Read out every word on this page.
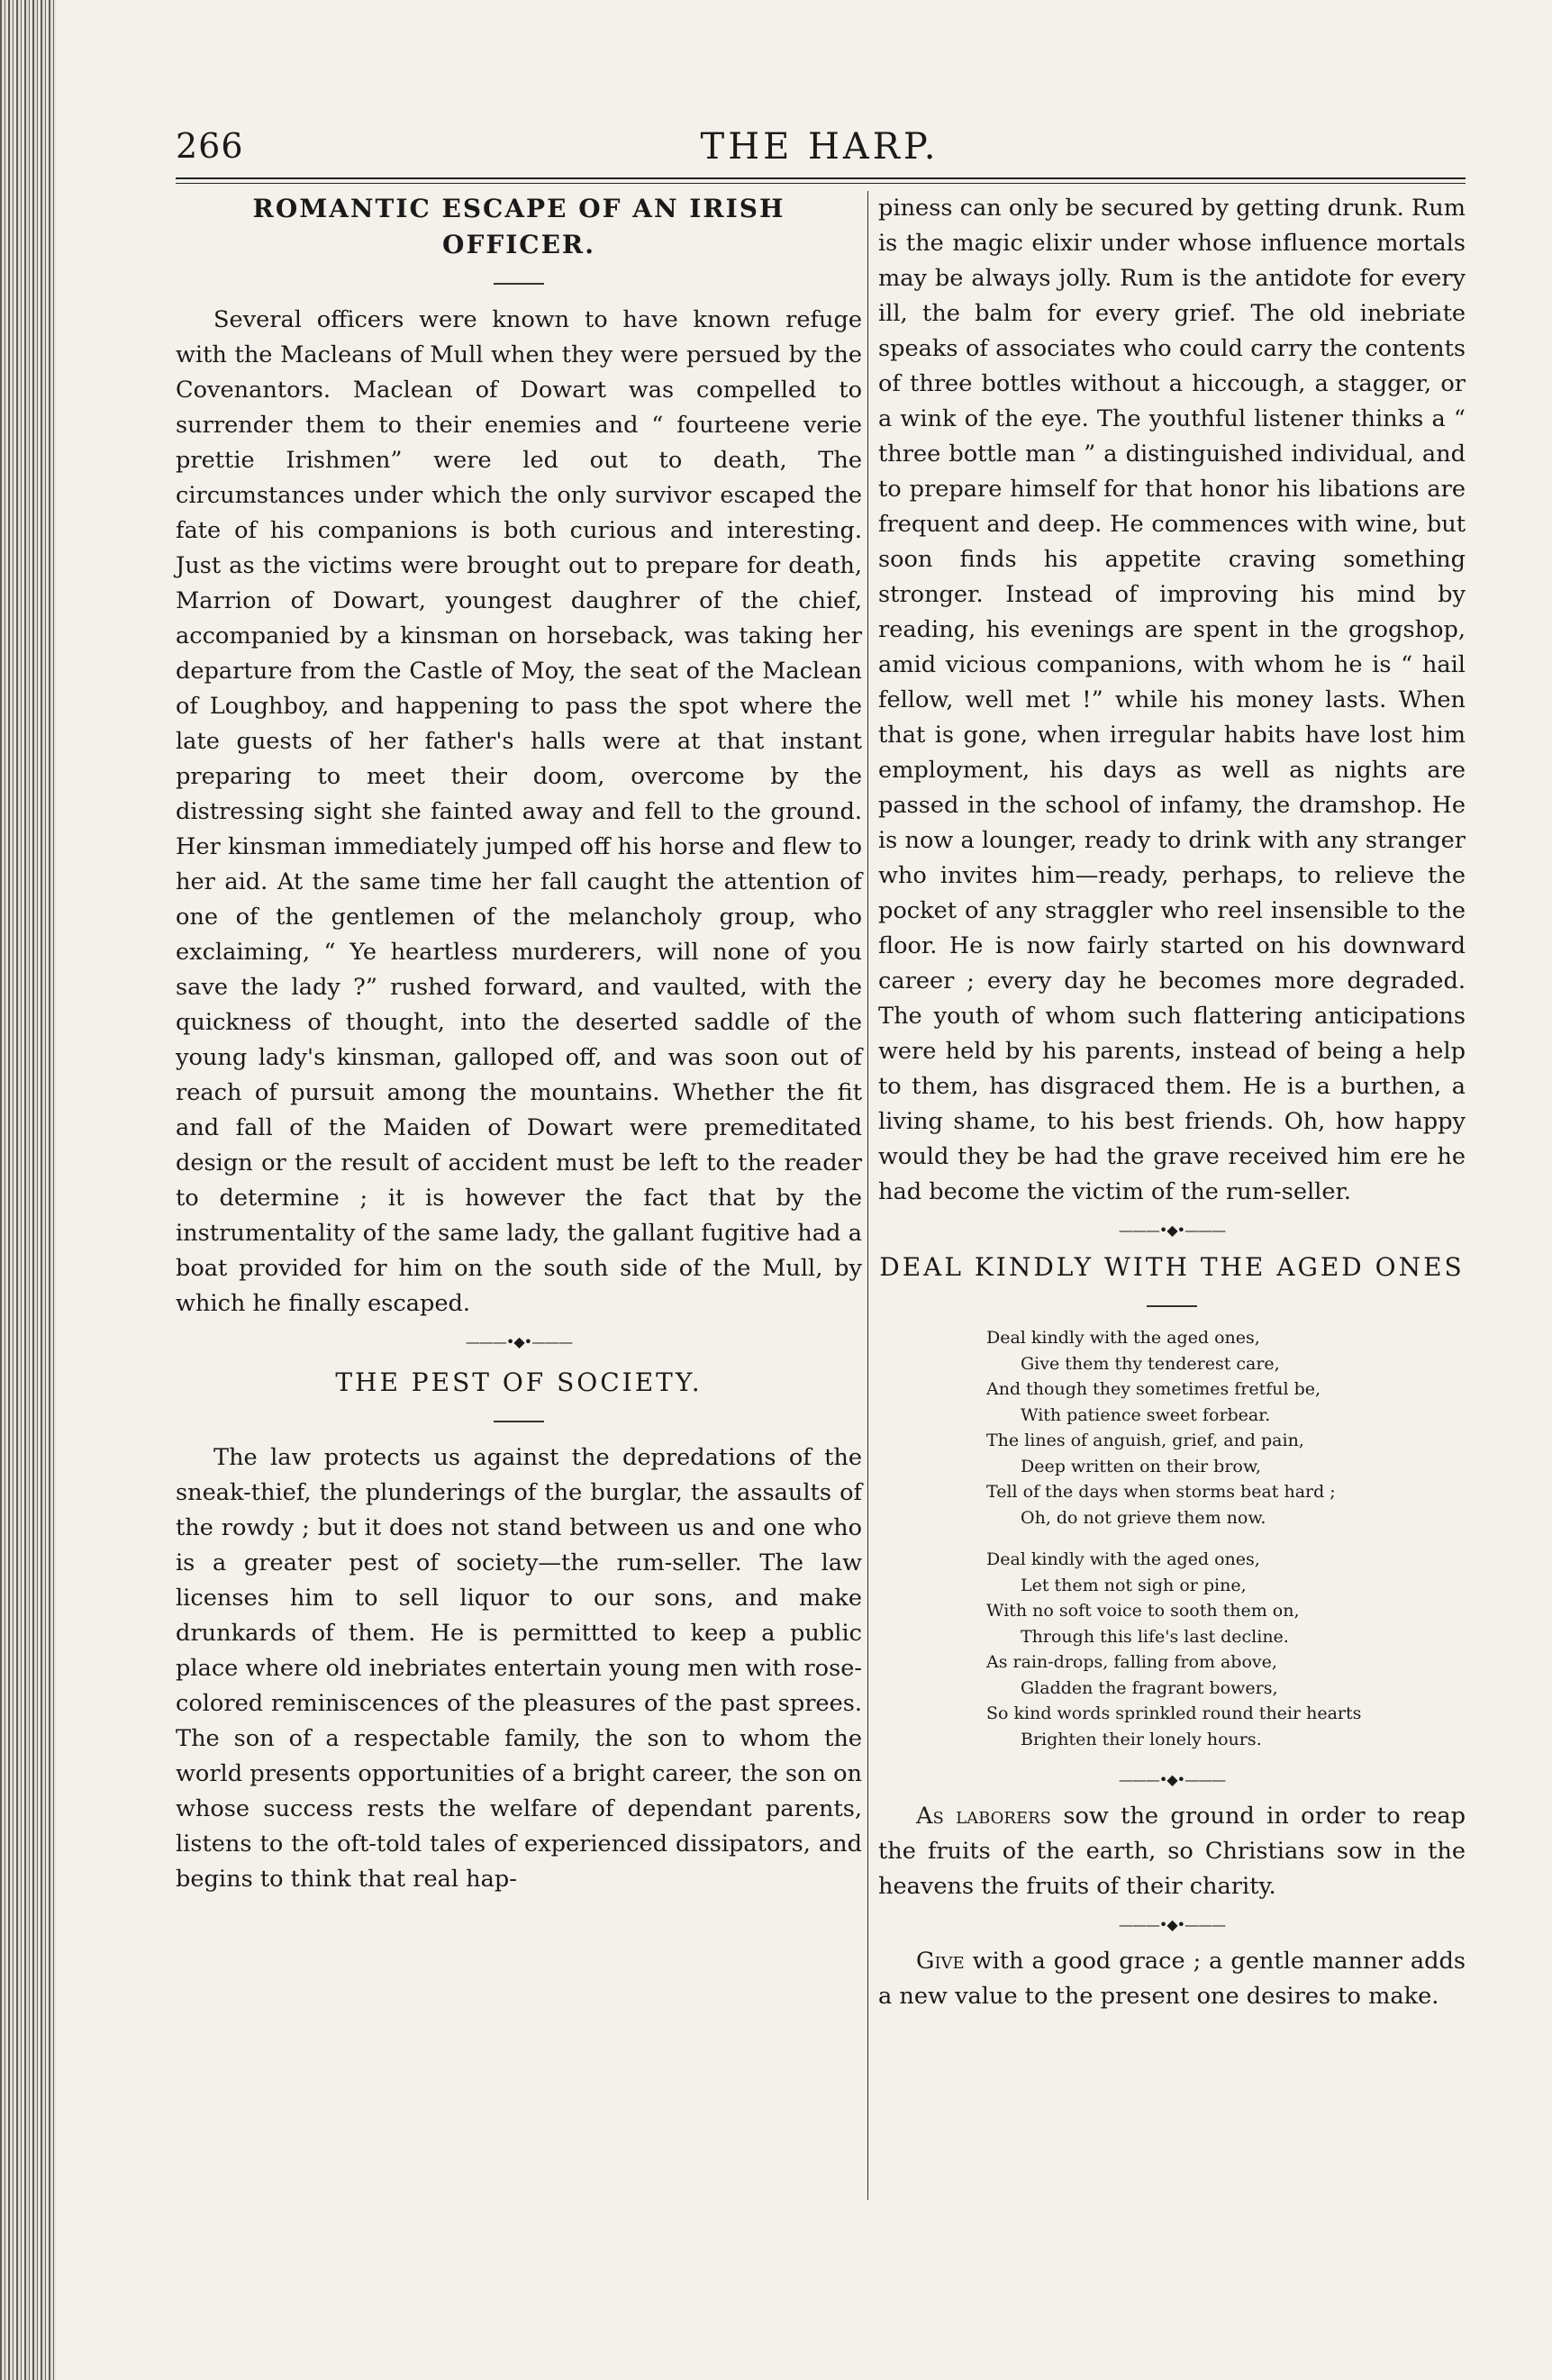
266	THE HARP.
ROMANTIC ESCAPE OF AN IRISH OFFICER.

Several officers were known to have known refuge with the Macleans of Mull when they were persued by the Covenantors. Maclean of Dowart was compelled to surrender them to their enemies and “ fourteene verie prettie Irishmen” were led out to death, The circumstances under which the only survivor escaped the fate of his companions is both curious and interesting. Just as the victims were brought out to prepare for death, Marrion of Dowart, youngest daughrer of the chief, accompanied by a kinsman on horseback, was taking her departure from the Castle of Moy, the seat of the Maclean of Loughboy, and happening to pass the spot where the late guests of her father's halls were at that instant preparing to meet their doom, overcome by the distressing sight she fainted away and fell to the ground. Her kinsman immediately jumped off his horse and flew to her aid. At the same time her fall caught the attention of one of the gentlemen of the melancholy group, who exclaiming, “ Ye heartless murderers, will none of you save the lady ?” rushed forward, and vaulted, with the quickness of thought, into the deserted saddle of the young lady's kinsman, galloped off, and was soon out of reach of pursuit among the mountains. Whether the fit and fall of the Maiden of Dowart were premeditated design or the result of accident must be left to the reader to determine ; it is however the fact that by the instrumentality of the same lady, the gallant fugitive had a boat provided for him on the south side of the Mull, by which he finally escaped.

———•◆•———
THE PEST OF SOCIETY.

The law protects us against the depredations of the sneak-thief, the plunderings of the burglar, the assaults of the rowdy ; but it does not stand between us and one who is a greater pest of society—the rum-seller. The law licenses him to sell liquor to our sons, and make drunkards of them. He is permittted to keep a public place where old inebriates entertain young men with rose-colored reminiscences of the pleasures of the past sprees. The son of a respectable family, the son to whom the world presents opportunities of a bright career, the son on whose success rests the welfare of dependant parents, listens to the oft-told tales of experienced dissipators, and begins to think that real hap-

piness can only be secured by getting drunk. Rum is the magic elixir under whose influence mortals may be always jolly. Rum is the antidote for every ill, the balm for every grief. The old inebriate speaks of associates who could carry the contents of three bottles without a hiccough, a stagger, or a wink of the eye. The youthful listener thinks a “ three bottle man ” a distinguished individual, and to prepare himself for that honor his libations are frequent and deep. He commences with wine, but soon finds his appetite craving something stronger. Instead of improving his mind by reading, his evenings are spent in the grogshop, amid vicious companions, with whom he is “ hail fellow, well met !” while his money lasts. When that is gone, when irregular habits have lost him employment, his days as well as nights are passed in the school of infamy, the dramshop. He is now a lounger, ready to drink with any stranger who invites him—ready, perhaps, to relieve the pocket of any straggler who reel insensible to the floor. He is now fairly started on his downward career ; every day he becomes more degraded. The youth of whom such flattering anticipations were held by his parents, instead of being a help to them, has disgraced them. He is a burthen, a living shame, to his best friends. Oh, how happy would they be had the grave received him ere he had become the victim of the rum-seller.

———•◆•———
DEAL KINDLY WITH THE AGED ONES
Deal kindly with the aged ones,
Give them thy tenderest care,
And though they sometimes fretful be,
With patience sweet forbear.
The lines of anguish, grief, and pain,
Deep written on their brow,
Tell of the days when storms beat hard ;
Oh, do not grieve them now.
Deal kindly with the aged ones,
Let them not sigh or pine,
With no soft voice to sooth them on,
Through this life's last decline.
As rain-drops, falling from above,
Gladden the fragrant bowers,
So kind words sprinkled round their hearts
Brighten their lonely hours.
———•◆•———

As laborers sow the ground in order to reap the fruits of the earth, so Christians sow in the heavens the fruits of their charity.

———•◆•———

Give with a good grace ; a gentle manner adds a new value to the present one desires to make.
